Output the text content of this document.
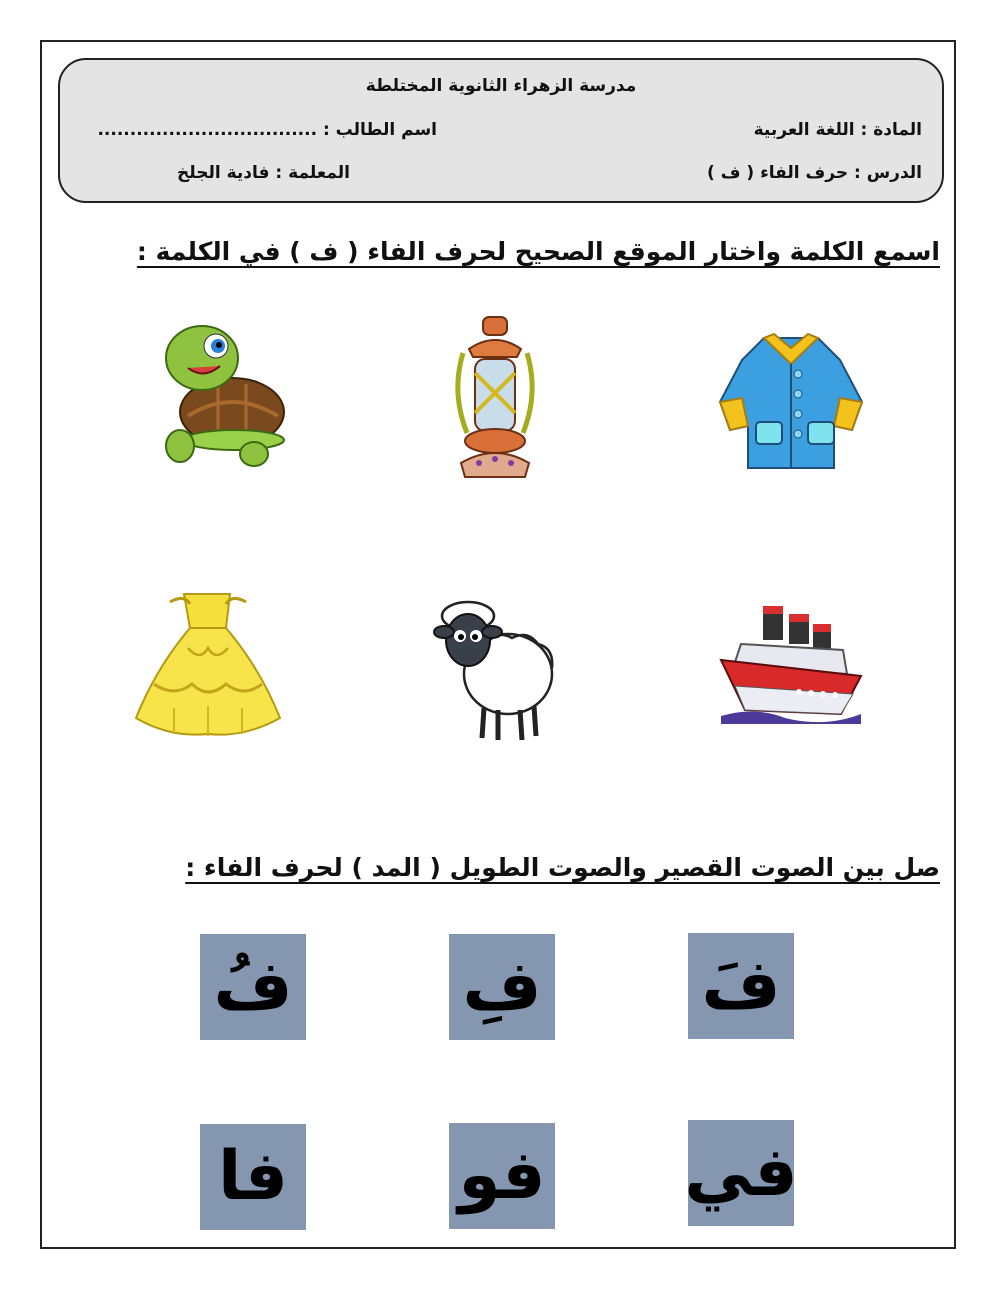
مدرسة الزهراء الثانوية المختلطة
المادة : اللغة العربية
اسم الطالب : ..................................
الدرس : حرف الفاء ( ف )
المعلمة : فادية الجلخ
اسمع الكلمة واختار الموقع الصحيح لحرف الفاء ( ف ) في الكلمة :
صل بين الصوت القصير والصوت الطويل ( المد ) لحرف الفاء :
فَ
فِ
فُ
في
فو
فا
